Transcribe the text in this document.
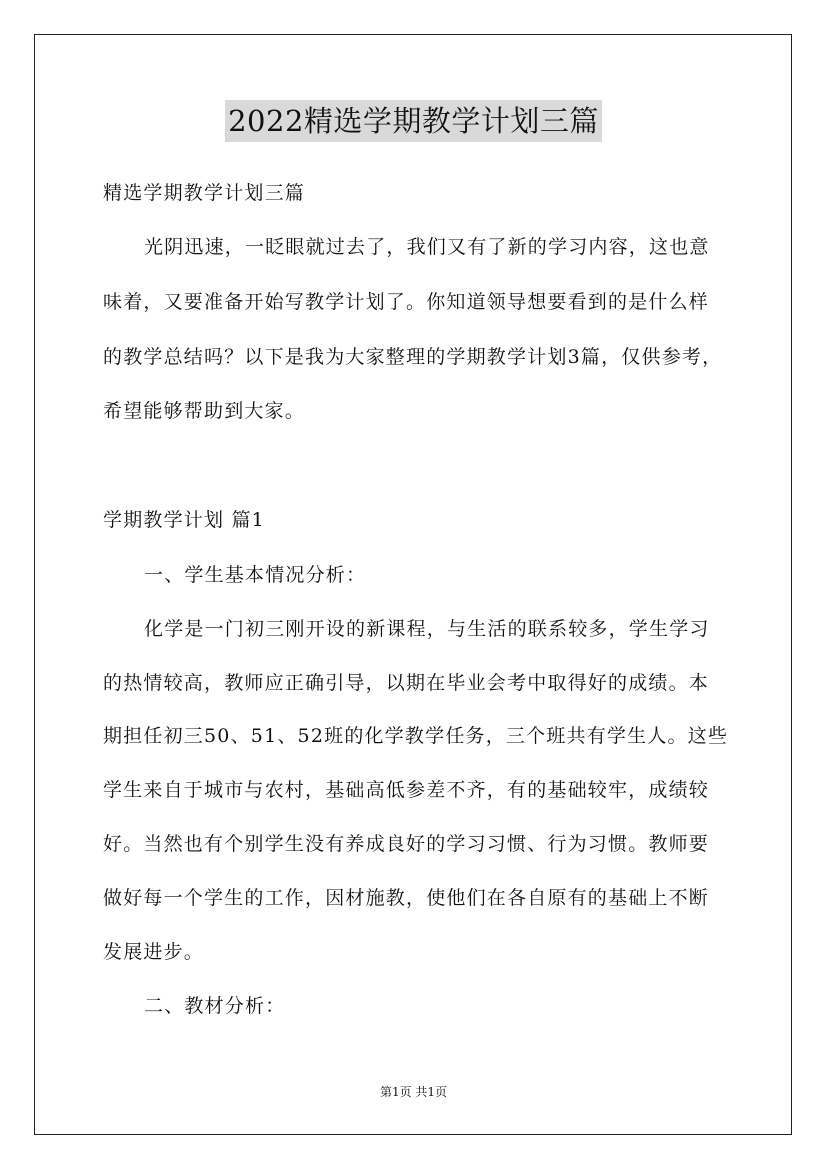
2022精选学期教学计划三篇
精选学期教学计划三篇
光阴迅速，一眨眼就过去了，我们又有了新的学习内容，这也意
味着，又要准备开始写教学计划了。你知道领导想要看到的是什么样
的教学总结吗？以下是我为大家整理的学期教学计划3篇，仅供参考，
希望能够帮助到大家。
学期教学计划 篇1
一、学生基本情况分析：
化学是一门初三刚开设的新课程，与生活的联系较多，学生学习
的热情较高，教师应正确引导，以期在毕业会考中取得好的成绩。本
期担任初三50、51、52班的化学教学任务，三个班共有学生人。这些
学生来自于城市与农村，基础高低参差不齐，有的基础较牢，成绩较
好。当然也有个别学生没有养成良好的学习习惯、行为习惯。教师要
做好每一个学生的工作，因材施教，使他们在各自原有的基础上不断
发展进步。
二、教材分析：
第1页 共1页
